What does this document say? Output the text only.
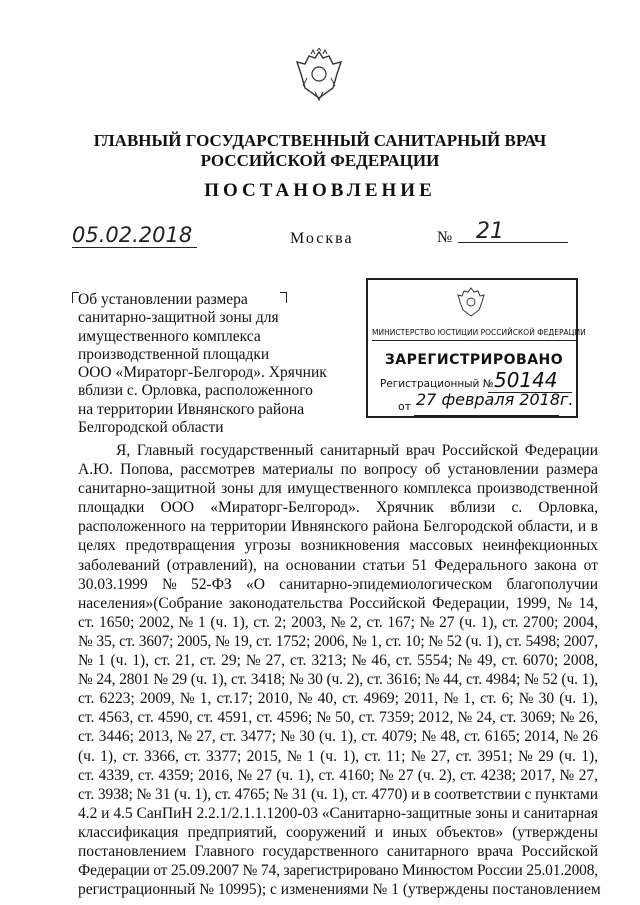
ГЛАВНЫЙ ГОСУДАРСТВЕННЫЙ САНИТАРНЫЙ ВРАЧ
РОССИЙСКОЙ ФЕДЕРАЦИИ
ПОСТАНОВЛЕНИЕ
05.02.2018	Москва	№ 21
Об установлении размера
санитарно-защитной зоны для
имущественного комплекса
производственной площадки
ООО «Мираторг-Белгород». Хрячник
вблизи с. Орловка, расположенного
на территории Ивнянского района
Белгородской области
МИНИСТЕРСТВО ЮСТИЦИИ РОССИЙСКОЙ ФЕДЕРАЦИИ
ЗАРЕГИСТРИРОВАНО
Регистрационный № 50144
от 27 февраля 2018г.
Я, Главный государственный санитарный врач Российской Федерации
А.Ю. Попова, рассмотрев материалы по вопросу об установлении размера
санитарно-защитной зоны для имущественного комплекса производственной
площадки ООО «Мираторг-Белгород». Хрячник вблизи с. Орловка,
расположенного на территории Ивнянского района Белгородской области, и в
целях предотвращения угрозы возникновения массовых неинфекционных
заболеваний (отравлений), на основании статьи 51 Федерального закона от
30.03.1999 № 52-ФЗ «О санитарно-эпидемиологическом благополучии
населения»(Собрание законодательства Российской Федерации, 1999, № 14,
ст. 1650; 2002, № 1 (ч. 1), ст. 2; 2003, № 2, ст. 167; № 27 (ч. 1), ст. 2700; 2004,
№ 35, ст. 3607; 2005, № 19, ст. 1752; 2006, № 1, ст. 10; № 52 (ч. 1), ст. 5498; 2007,
№ 1 (ч. 1), ст. 21, ст. 29; № 27, ст. 3213; № 46, ст. 5554; № 49, ст. 6070; 2008,
№ 24, 2801 № 29 (ч. 1), ст. 3418; № 30 (ч. 2), ст. 3616; № 44, ст. 4984; № 52 (ч. 1),
ст. 6223; 2009, № 1, ст.17; 2010, № 40, ст. 4969; 2011, № 1, ст. 6; № 30 (ч. 1),
ст. 4563, ст. 4590, ст. 4591, ст. 4596; № 50, ст. 7359; 2012, № 24, ст. 3069; № 26,
ст. 3446; 2013, № 27, ст. 3477; № 30 (ч. 1), ст. 4079; № 48, ст. 6165; 2014, № 26
(ч. 1), ст. 3366, ст. 3377; 2015, № 1 (ч. 1), ст. 11; № 27, ст. 3951; № 29 (ч. 1),
ст. 4339, ст. 4359; 2016, № 27 (ч. 1), ст. 4160; № 27 (ч. 2), ст. 4238; 2017, № 27,
ст. 3938; № 31 (ч. 1), ст. 4765; № 31 (ч. 1), ст. 4770) и в соответствии с пунктами
4.2 и 4.5 СанПиН 2.2.1/2.1.1.1200-03 «Санитарно-защитные зоны и санитарная
классификация предприятий, сооружений и иных объектов» (утверждены
постановлением Главного государственного санитарного врача Российской
Федерации от 25.09.2007 № 74, зарегистрировано Минюстом России 25.01.2008,
регистрационный № 10995); с изменениями № 1 (утверждены постановлением
